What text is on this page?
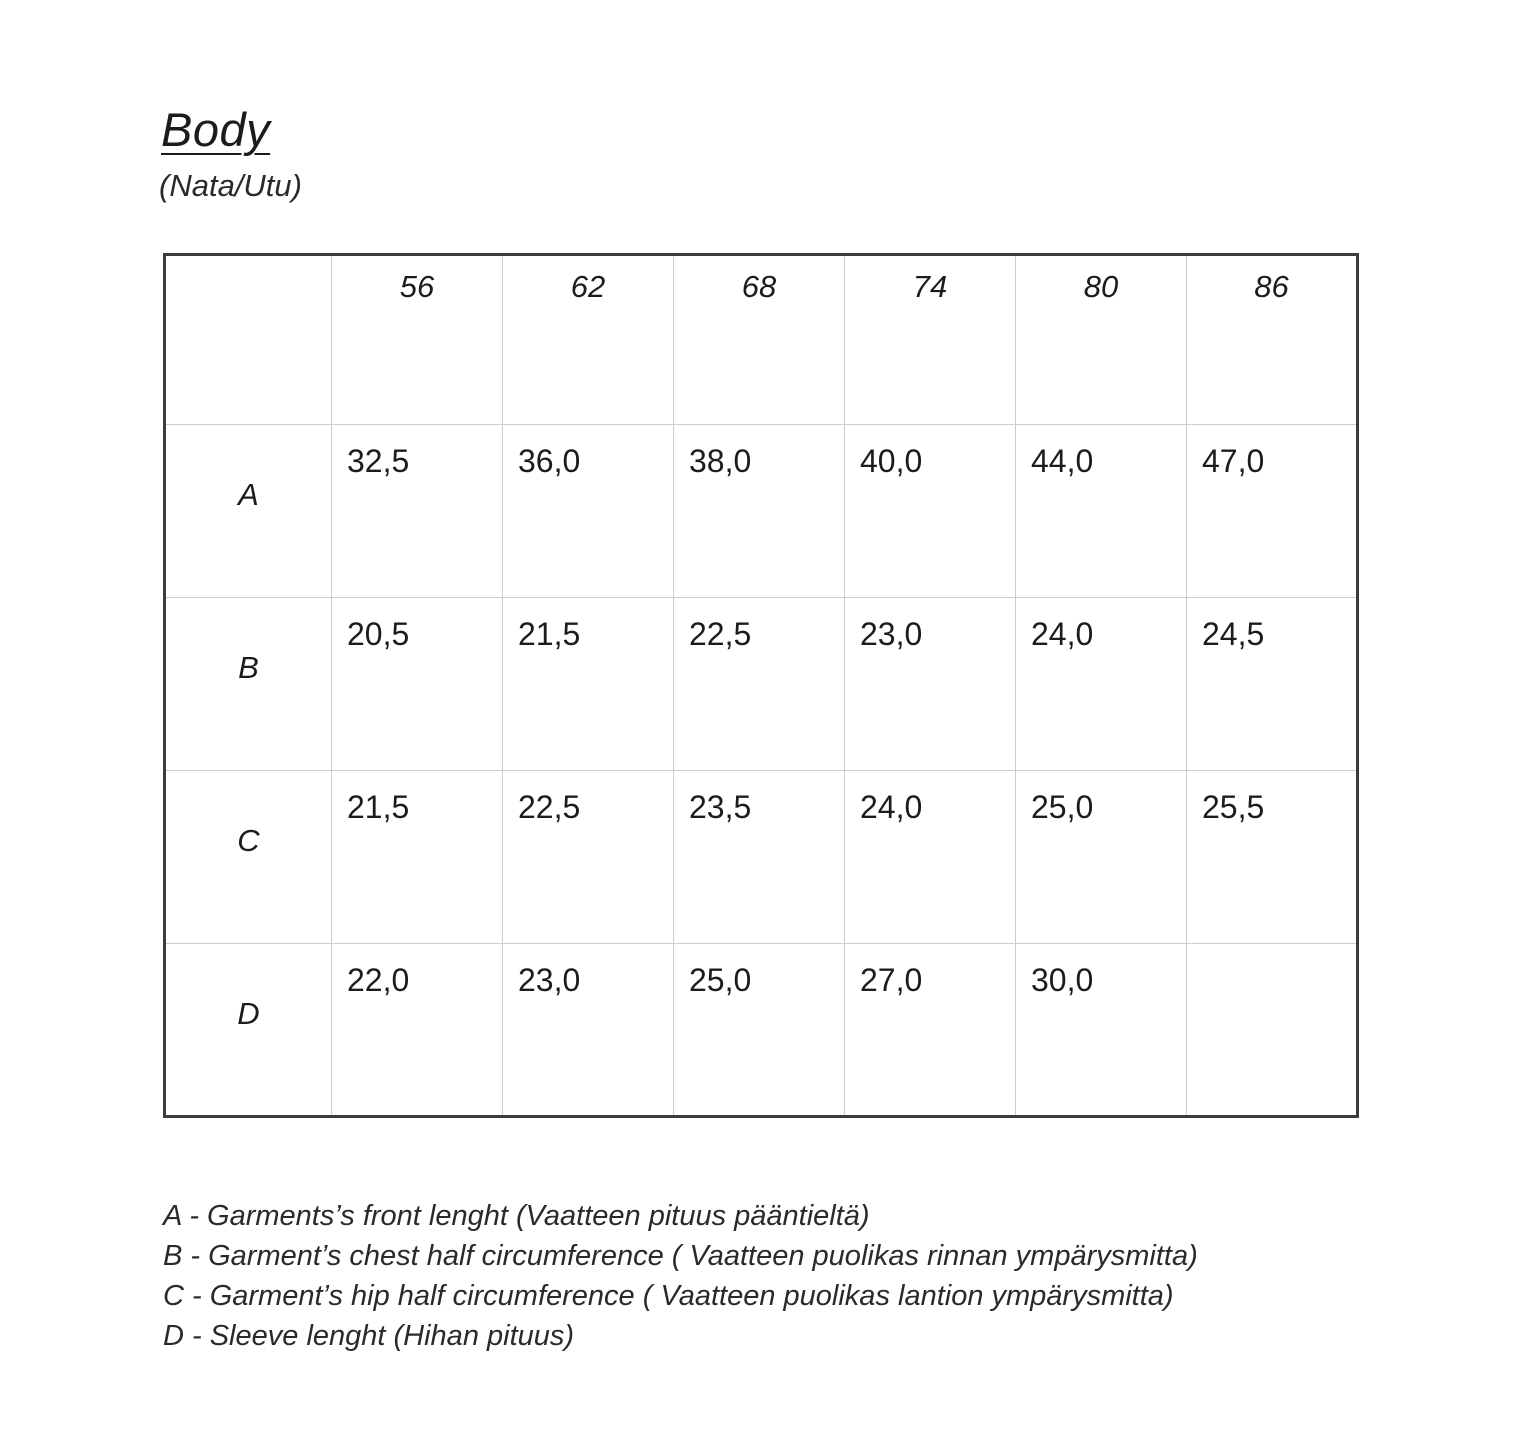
Body
(Nata/Utu)
	56	62	68	74	80	86
A	32,5	36,0	38,0	40,0	44,0	47,0
B	20,5	21,5	22,5	23,0	24,0	24,5
C	21,5	22,5	23,5	24,0	25,0	25,5
D	22,0	23,0	25,0	27,0	30,0	
A - Garments’s front lenght (Vaatteen pituus pääntieltä)
B - Garment’s chest half circumference ( Vaatteen puolikas rinnan ympärysmitta)
C - Garment’s hip half circumference ( Vaatteen puolikas lantion ympärysmitta)
D - Sleeve lenght (Hihan pituus)
